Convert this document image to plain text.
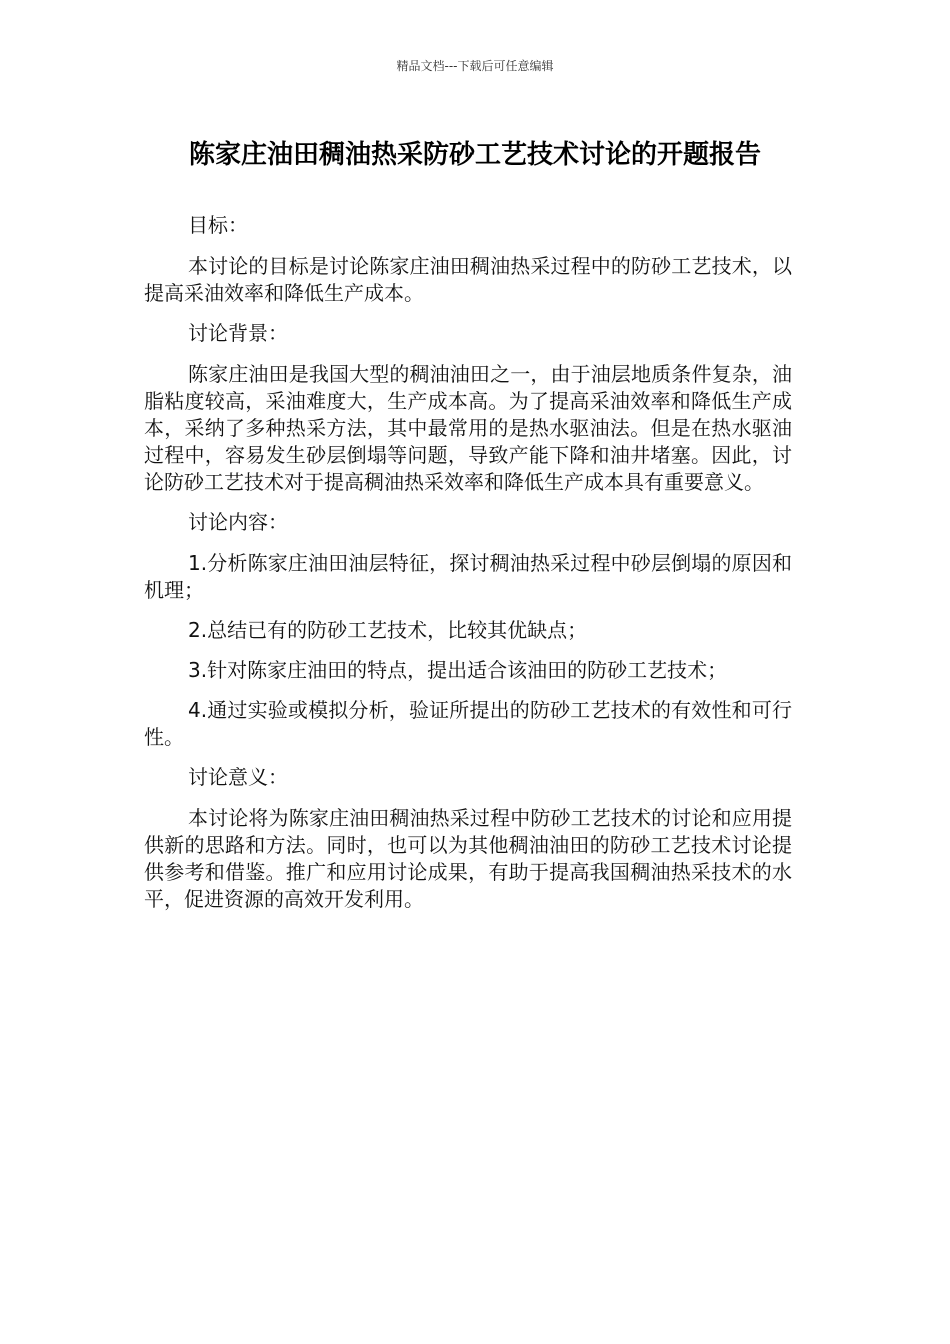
精品文档---下载后可任意编辑
陈家庄油田稠油热采防砂工艺技术讨论的开题报告

目标：

本讨论的目标是讨论陈家庄油田稠油热采过程中的防砂工艺技术，以提高采油效率和降低生产成本。

讨论背景：

陈家庄油田是我国大型的稠油油田之一，由于油层地质条件复杂，油脂粘度较高，采油难度大，生产成本高。为了提高采油效率和降低生产成本，采纳了多种热采方法，其中最常用的是热水驱油法。但是在热水驱油过程中，容易发生砂层倒塌等问题，导致产能下降和油井堵塞。因此，讨论防砂工艺技术对于提高稠油热采效率和降低生产成本具有重要意义。

讨论内容：

1.分析陈家庄油田油层特征，探讨稠油热采过程中砂层倒塌的原因和机理；

2.总结已有的防砂工艺技术，比较其优缺点；

3.针对陈家庄油田的特点，提出适合该油田的防砂工艺技术；

4.通过实验或模拟分析，验证所提出的防砂工艺技术的有效性和可行性。

讨论意义：

本讨论将为陈家庄油田稠油热采过程中防砂工艺技术的讨论和应用提供新的思路和方法。同时，也可以为其他稠油油田的防砂工艺技术讨论提供参考和借鉴。推广和应用讨论成果，有助于提高我国稠油热采技术的水平，促进资源的高效开发利用。
